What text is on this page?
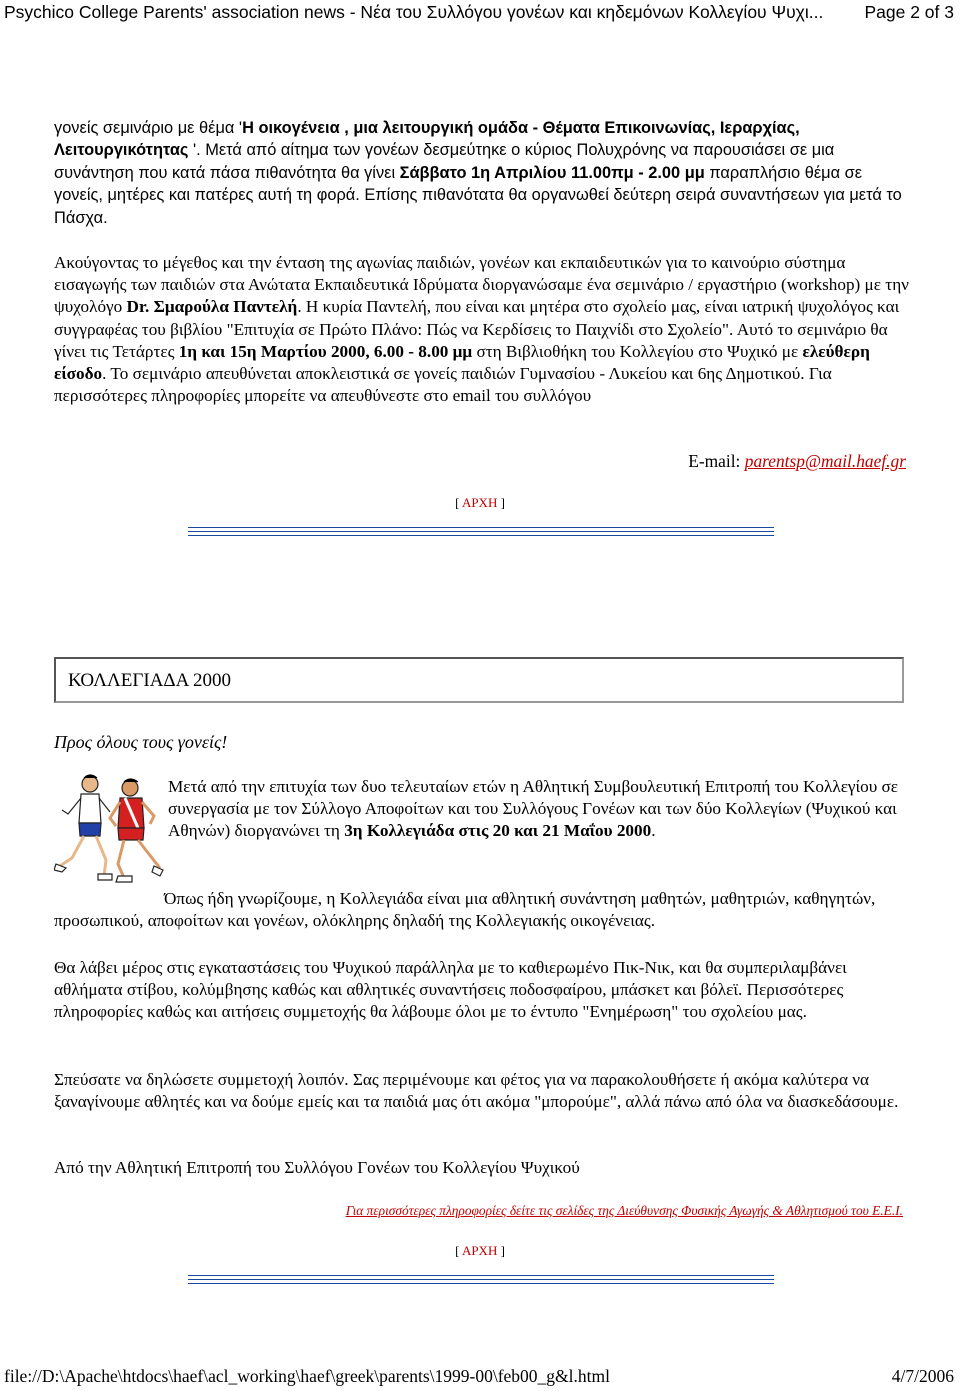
Psychico College Parents' association news - Νέα του Συλλόγου γονέων και κηδεμόνων Κολλεγίου Ψυχι... Page 2 of 3

γονείς σεμινάριο με θέμα 'Η οικογένεια , μια λειτουργική ομάδα - Θέματα Επικοινωνίας, Ιεραρχίας, Λειτουργικότητας '. Μετά από αίτημα των γονέων δεσμεύτηκε ο κύριος Πολυχρόνης να παρουσιάσει σε μια συνάντηση που κατά πάσα πιθανότητα θα γίνει Σάββατο 1η Απριλίου 11.00πμ - 2.00 μμ παραπλήσιο θέμα σε γονείς, μητέρες και πατέρες αυτή τη φορά. Επίσης πιθανότατα θα οργανωθεί δεύτερη σειρά συναντήσεων για μετά το Πάσχα.

Ακούγοντας το μέγεθος και την ένταση της αγωνίας παιδιών, γονέων και εκπαιδευτικών για το καινούριο σύστημα εισαγωγής των παιδιών στα Ανώτατα Εκπαιδευτικά Ιδρύματα διοργανώσαμε ένα σεμινάριο / εργαστήριο (workshop) με την ψυχολόγο Dr. Σμαρούλα Παντελή. Η κυρία Παντελή, που είναι και μητέρα στο σχολείο μας, είναι ιατρική ψυχολόγος και συγγραφέας του βιβλίου "Επιτυχία σε Πρώτο Πλάνο: Πώς να Κερδίσεις το Παιχνίδι στο Σχολείο". Αυτό το σεμινάριο θα γίνει τις Τετάρτες 1η και 15η Μαρτίου 2000, 6.00 - 8.00 μμ στη Βιβλιοθήκη του Κολλεγίου στο Ψυχικό με ελεύθερη είσοδο. Το σεμινάριο απευθύνεται αποκλειστικά σε γονείς παιδιών Γυμνασίου - Λυκείου και 6ης Δημοτικού. Για περισσότερες πληροφορίες μπορείτε να απευθύνεστε στο email του συλλόγου

E-mail: parentsp@mail.haef.gr
[ ΑΡΧΗ ]
ΚΟΛΛΕΓΙΑΔΑ 2000
Προς όλους τους γονείς!

Μετά από την επιτυχία των δυο τελευταίων ετών η Αθλητική Συμβουλευτική Επιτροπή του Κολλεγίου σε συνεργασία με τον Σύλλογο Αποφοίτων και του Συλλόγους Γονέων και των δύο Κολλεγίων (Ψυχικού και Αθηνών) διοργανώνει τη 3η Κολλεγιάδα στις 20 και 21 Μαΐου 2000.

Όπως ήδη γνωρίζουμε, η Κολλεγιάδα είναι μια αθλητική συνάντηση μαθητών, μαθητριών, καθηγητών, προσωπικού, αποφοίτων και γονέων, ολόκληρης δηλαδή της Κολλεγιακής οικογένειας.

Θα λάβει μέρος στις εγκαταστάσεις του Ψυχικού παράλληλα με το καθιερωμένο Πικ-Νικ, και θα συμπεριλαμβάνει αθλήματα στίβου, κολύμβησης καθώς και αθλητικές συναντήσεις ποδοσφαίρου, μπάσκετ και βόλεϊ. Περισσότερες πληροφορίες καθώς και αιτήσεις συμμετοχής θα λάβουμε όλοι με το έντυπο "Ενημέρωση" του σχολείου μας.

Σπεύσατε να δηλώσετε συμμετοχή λοιπόν. Σας περιμένουμε και φέτος για να παρακολουθήσετε ή ακόμα καλύτερα να ξαναγίνουμε αθλητές και να δούμε εμείς και τα παιδιά μας ότι ακόμα "μπορούμε", αλλά πάνω από όλα να διασκεδάσουμε.

Από την Αθλητική Επιτροπή του Συλλόγου Γονέων του Κολλεγίου Ψυχικού

Για περισσότερες πληροφορίες δείτε τις σελίδες της Διεύθυνσης Φυσικής Αγωγής & Αθλητισμού του Ε.Ε.Ι.
[ ΑΡΧΗ ]
file://D:\Apache\htdocs\haef\acl_working\haef\greek\parents\1999-00\feb00_g&l.html	4/7/2006
